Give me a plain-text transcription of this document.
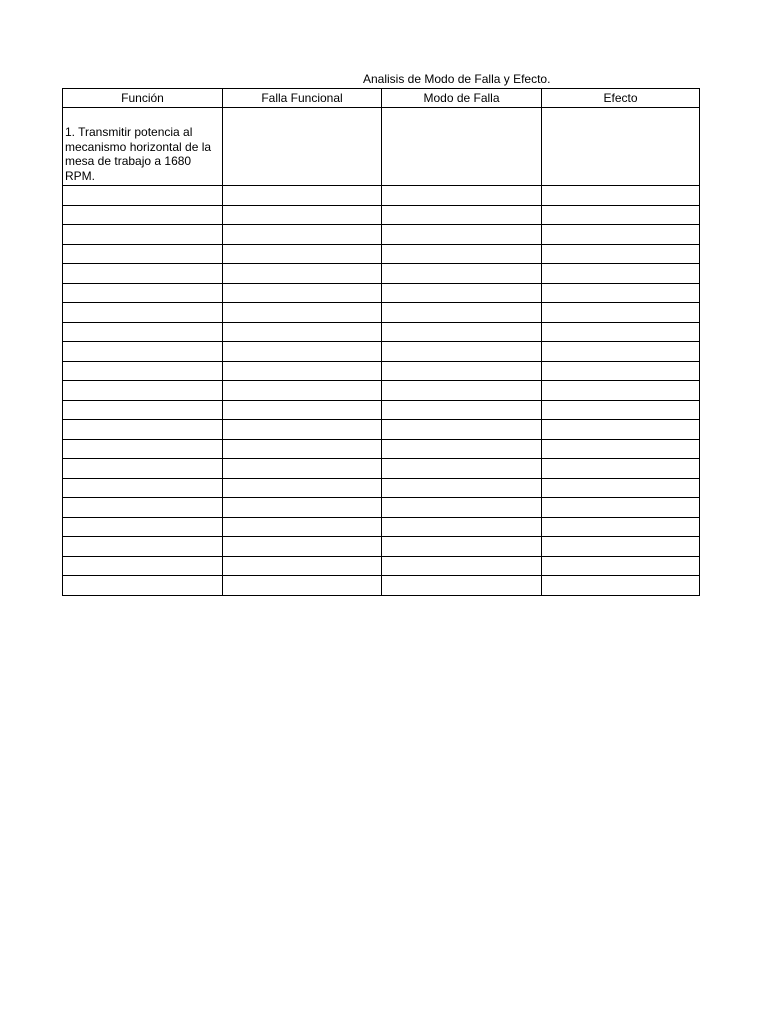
Analisis de Modo de Falla y Efecto.
Función	Falla Funcional	Modo de Falla	Efecto

1. Transmitir potencia al mecanismo horizontal de la mesa de trabajo a 1680 RPM.			
